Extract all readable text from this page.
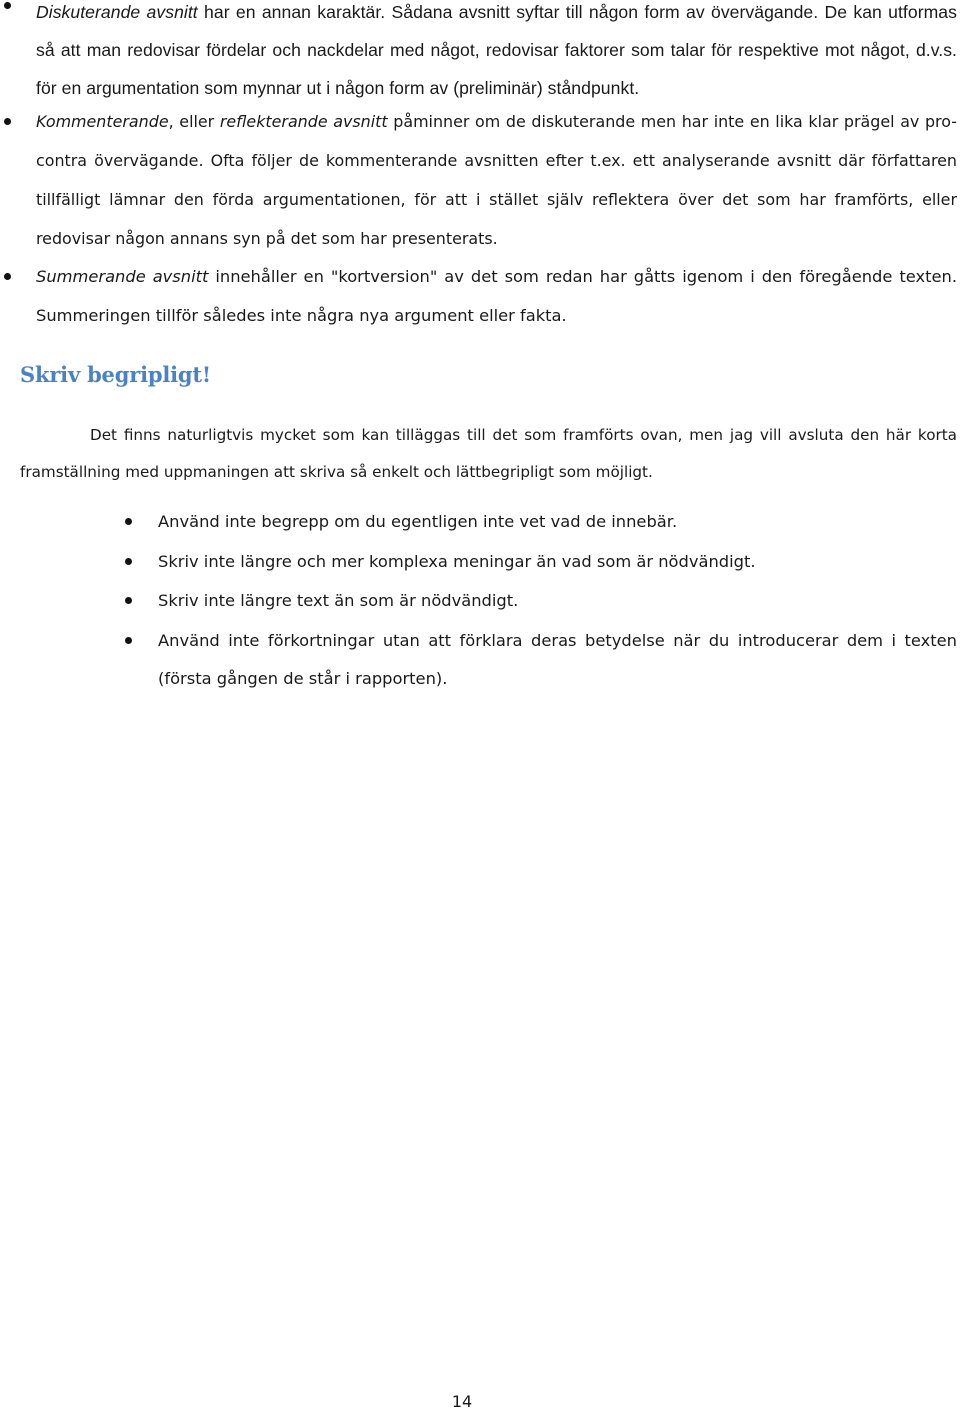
Diskuterande avsnitt har en annan karaktär. Sådana avsnitt syftar till någon form av övervägande. De kan utformas så att man redovisar fördelar och nackdelar med något, redovisar faktorer som talar för respektive mot något, d.v.s. för en argumentation som mynnar ut i någon form av (preliminär) ståndpunkt.
Kommenterande, eller reflekterande avsnitt påminner om de diskuterande men har inte en lika klar prägel av pro-contra övervägande. Ofta följer de kommenterande avsnitten efter t.ex. ett analyserande avsnitt där författaren tillfälligt lämnar den förda argumentationen, för att i stället själv reflektera över det som har framförts, eller redovisar någon annans syn på det som har presenterats.
Summerande avsnitt innehåller en "kortversion" av det som redan har gåtts igenom i den föregående texten. Summeringen tillför således inte några nya argument eller fakta.
Skriv begripligt!

Det finns naturligtvis mycket som kan tilläggas till det som framförts ovan, men jag vill avsluta den här korta framställning med uppmaningen att skriva så enkelt och lättbegripligt som möjligt.

Använd inte begrepp om du egentligen inte vet vad de innebär.
Skriv inte längre och mer komplexa meningar än vad som är nödvändigt.
Skriv inte längre text än som är nödvändigt.
Använd inte förkortningar utan att förklara deras betydelse när du introducerar dem i texten (första gången de står i rapporten).

14
